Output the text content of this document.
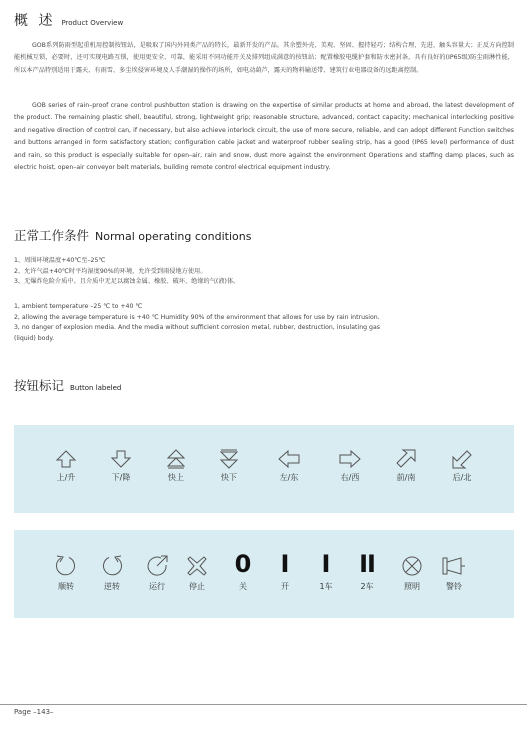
概 述 Product Overview

GOB系列防雨型起重机用控制按钮站，是吸取了国内外同类产品的特长，最新开发的产品。其余塑外壳、美观、坚固、握持轻巧；结构合理、先进、触头容量大；正反方向控制能机械互锁，必要时，还可实现电路互锁，使用更安全、可靠，能采用不同功能开关及排列组成满意的按钮站；配置橡胶电缆护套和防水密封条，具有良好的(IP65级)防尘雨淋性能，所以本产品特别适用于露天、有雨雪、多尘埃侵害环境及人手潮湿的操作的场所，如电动葫芦，露天的物料输送带、建筑行业电器设备的远距离控制。

GOB series of rain–proof crane control pushbutton station is drawing on the expertise of similar products at home and abroad, the latest development of the product. The remaining plastic shell, beautiful, strong, lightweight grip; reasonable structure, advanced, contact capacity; mechanical interlocking positive and negative direction of control can, if necessary, but also achieve interlock circuit, the use of more secure, reliable, and can adopt different Function switches and buttons arranged in form satisfactory station; configuration cable jacket and waterproof rubber sealing strip, has a good (IP65 level) performance of dust and rain, so this product is especially suitable for open–air, rain and snow, dust more against the environment Operations and staffing damp places, such as electric hoist, open–air conveyor belt materials, building remote control electrical equipment industry.

正常工作条件 Normal operating conditions
1、周围环境温度+40℃至–25℃
2、允许气温+40℃时平均湿度90%的环境，允许受到雨侵地方使用。
3、无爆炸危险介质中。且介质中无足以腐蚀金属、橡胶、破坏、绝缘的气(液)体。
1, ambient temperature –25 ℃ to +40 ℃
2, allowing the average temperature is +40 ℃ Humidity 90% of the environment that allows for use by rain intrusion.
3, no danger of explosion media. And the media without sufficient corrosion metal, rubber, destruction, insulating gas
(liquid) body.
按钮标记 Button labeled
上/升	下/降	快上	快下	左/东	右/西	前/南	后/北
顺转	逆转	运行	停止
0
关
I
开
I
1车
II
2车	照明	警铃
Page –143–
